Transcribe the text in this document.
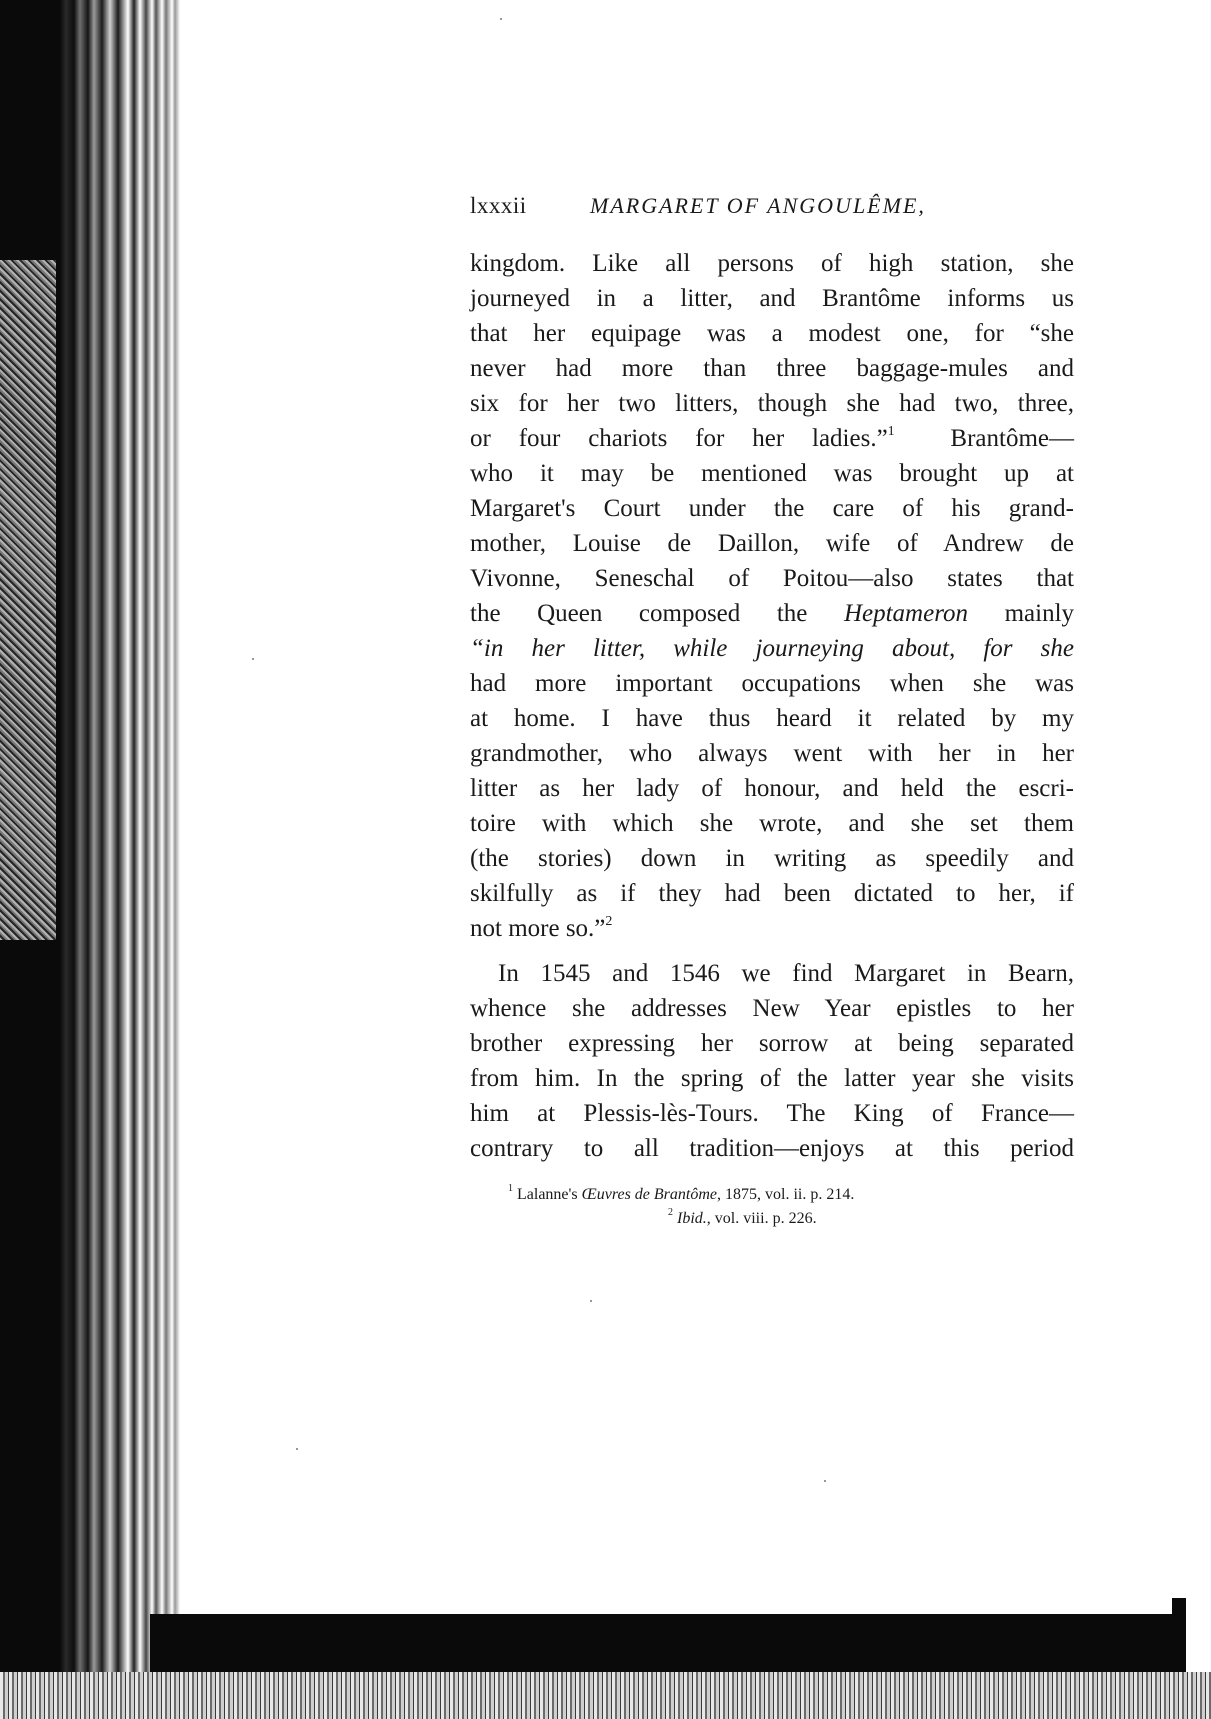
lxxxii	MARGARET OF ANGOULÊME,
kingdom. Like all persons of high station, she
journeyed in a litter, and Brantôme informs us
that her equipage was a modest one, for “she
never had more than three baggage-mules and
six for her two litters, though she had two, three,
or four chariots for her ladies.”$^1$ Brantôme—
who it may be mentioned was brought up at
Margaret's Court under the care of his grand-
mother, Louise de Daillon, wife of Andrew de
Vivonne, Seneschal of Poitou—also states that
the Queen composed the Heptameron mainly
“in her litter, while journeying about, for she
had more important occupations when she was
at home. I have thus heard it related by my
grandmother, who always went with her in her
litter as her lady of honour, and held the escri-
toire with which she wrote, and she set them
(the stories) down in writing as speedily and
skilfully as if they had been dictated to her, if
not more so.”$^2$
In 1545 and 1546 we find Margaret in Bearn,
whence she addresses New Year epistles to her
brother expressing her sorrow at being separated
from him. In the spring of the latter year she visits
him at Plessis-lès-Tours. The King of France—
contrary to all tradition—enjoys at this period
$^1$ Lalanne's Œuvres de Brantôme, 1875, vol. ii. p. 214.
$^2$ Ibid., vol. viii. p. 226.
